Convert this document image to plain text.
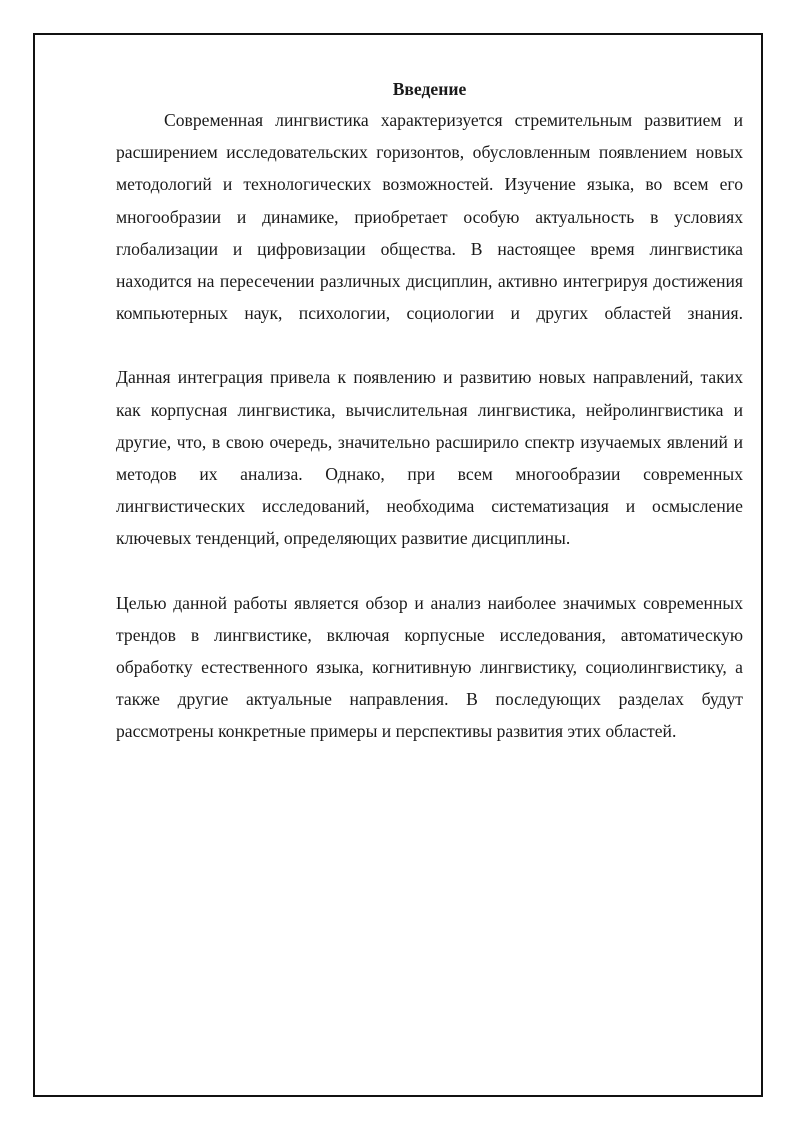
Введение

Современная лингвистика характеризуется стремительным развитием и расширением исследовательских горизонтов, обусловленным появлением новых методологий и технологических возможностей. Изучение языка, во всем его многообразии и динамике, приобретает особую актуальность в условиях глобализации и цифровизации общества. В настоящее время лингвистика находится на пересечении различных дисциплин, активно интегрируя достижения компьютерных наук, психологии, социологии и других областей знания.

Данная интеграция привела к появлению и развитию новых направлений, таких как корпусная лингвистика, вычислительная лингвистика, нейролингвистика и другие, что, в свою очередь, значительно расширило спектр изучаемых явлений и методов их анализа. Однако, при всем многообразии современных лингвистических исследований, необходима систематизация и осмысление ключевых тенденций, определяющих развитие дисциплины.

Целью данной работы является обзор и анализ наиболее значимых современных трендов в лингвистике, включая корпусные исследования, автоматическую обработку естественного языка, когнитивную лингвистику, социолингвистику, а также другие актуальные направления. В последующих разделах будут рассмотрены конкретные примеры и перспективы развития этих областей.
